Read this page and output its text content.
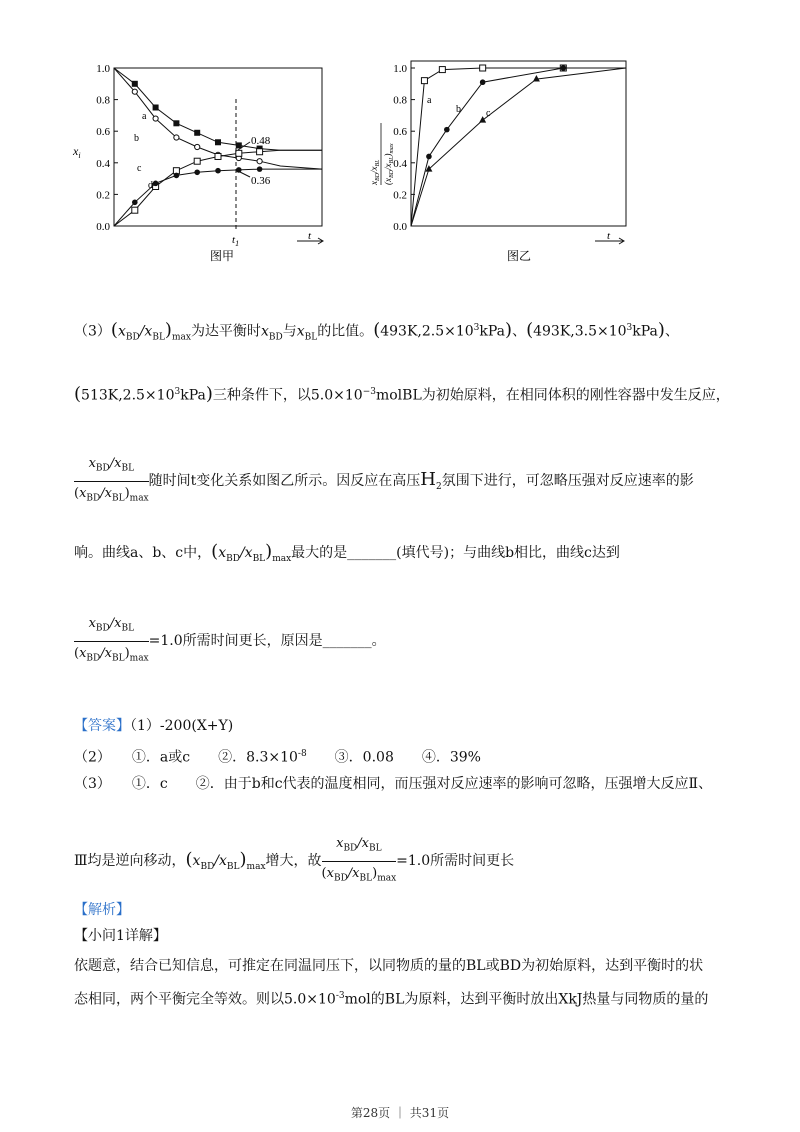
1.0
0.8
0.6
0.4
0.2
0.0
$x_i$
$t_1$
t
0.48
0.36
a
b
c
d
图甲
1.0
0.8
0.6
0.4
0.2
0.0
$x_{BD}/x_{BL}$
$(x_{BD}/x_{BL})_{max}$
t
a
b	c
图乙
$(3)(x_{BD}/x_{BL})_{max}$为达平衡时$x_{BD}$与$x_{BL}$的比值。$(493K,2.5\times 10^3kPa)$、$(493K,3.5\times 10^3kPa)$、
$(513K,2.5\times 10^3kPa)$三种条件下，以$5.0\times 10^{-3}molBL$为初始原料，在相同体积的刚性容器中发生反应，
$\frac{x_{BD}/x_{BL}}{(x_{BD}/x_{BL})_{max}}$ 随时间t变化关系如图乙所示。因反应在高压$H_2$氛围下进行，可忽略压强对反应速率的影
响。曲线a、b、c中，$(x_{BD}/x_{BL})_{max}$最大的是_______(填代号)；与曲线b相比，曲线c达到
$\frac{x_{BD}/x_{BL}}{(x_{BD}/x_{BL})_{max}} =1.0$所需时间更长，原因是_______。
【答案】（1）-200(X+Y)
（2）　　①．a或c　　②．$8.3\times 10^{-8}$　　③．0.08　　④．39%
（3）　　①．c　　②．由于b和c代表的温度相同，而压强对反应速率的影响可忽略，压强增大反应Ⅱ、
Ⅲ均是逆向移动，$(x_{BD}/x_{BL})_{max}$增大，故 $\frac{x_{BD}/x_{BL}}{(x_{BD}/x_{BL})_{max}} =1.0$所需时间更长
【解析】
【小问1详解】
依题意，结合已知信息，可推定在同温同压下，以同物质的量的BL或BD为初始原料，达到平衡时的状
态相同，两个平衡完全等效。则以$5.0\times 10^{-3}mol$的BL为原料，达到平衡时放出XkJ热量与同物质的量的
第28页 ｜ 共31页
